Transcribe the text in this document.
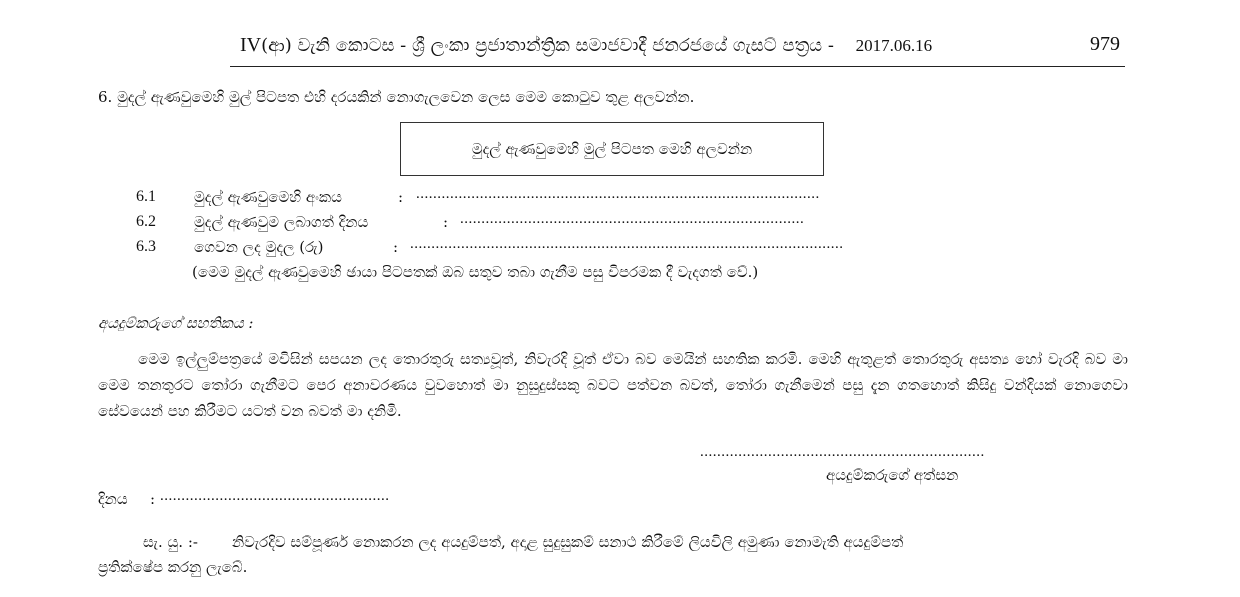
IV(ආ) වැනි කොටස - ශ්‍රී ලංකා ප්‍රජාතාන්ත්‍රික සමාජවාදී ජනරජයේ ගැසට් පත්‍රය - 2017.06.16	979
6. මුදල් ඇණවුමෙහි මුල් පිටපත එහි දරයකින් නොගැලවෙන ලෙස මෙම කොටුව තුළ අලවන්න.
මුදල් ඇණවුමෙහි මුල් පිටපත මෙහි අලවන්න
6.1	මුදල් ඇණවුමෙහි අංකය	: ...............................................................................................
6.2	මුදල් ඇණවුම ලබාගත් දිනය	: .................................................................................
6.3	ගෙවන ලද මුදල (රු)	: ......................................................................................................
(මෙම මුදල් ඇණවුමෙහි ඡායා පිටපතක් ඔබ සතුව තබා ගැනීම පසු විපරමක දී වැදගත් වේ.)
අයදුම්කරුගේ සහතිකය :
මෙම ඉල්ලුම්පත්‍රයේ මවිසින් සපයන ලද තොරතුරු සත්‍යවූත්, නිවැරදි වූත් ඒවා බව මෙයින් සහතික කරමි. මෙහි ඇතුළත් තොරතුරු අසත්‍ය හෝ වැරදි බව මා මෙම තනතුරට තෝරා ගැනීමට පෙර අනාවරණය වුවහොත් මා නුසුදුස්සකු බවට පත්වන බවත්, තෝරා ගැනීමෙන් පසු දැන ගතහොත් කිසිදු වන්දියක් නොගෙවා සේවයෙන් පහ කිරීමට යටත් වන බවත් මා දනිමි.
...................................................................
අයදුම්කරුගේ අත්සන
දිනය : ......................................................
සැ. යු. :- නිවැරදිව සම්පූර්ණ නොකරන ලද අයදුම්පත්, අදාළ සුදුසුකම් සනාථ කිරීමේ ලියවිලි අමුණා නොමැති අයදුම්පත්
ප්‍රතික්ෂේප කරනු ලැබේ.
